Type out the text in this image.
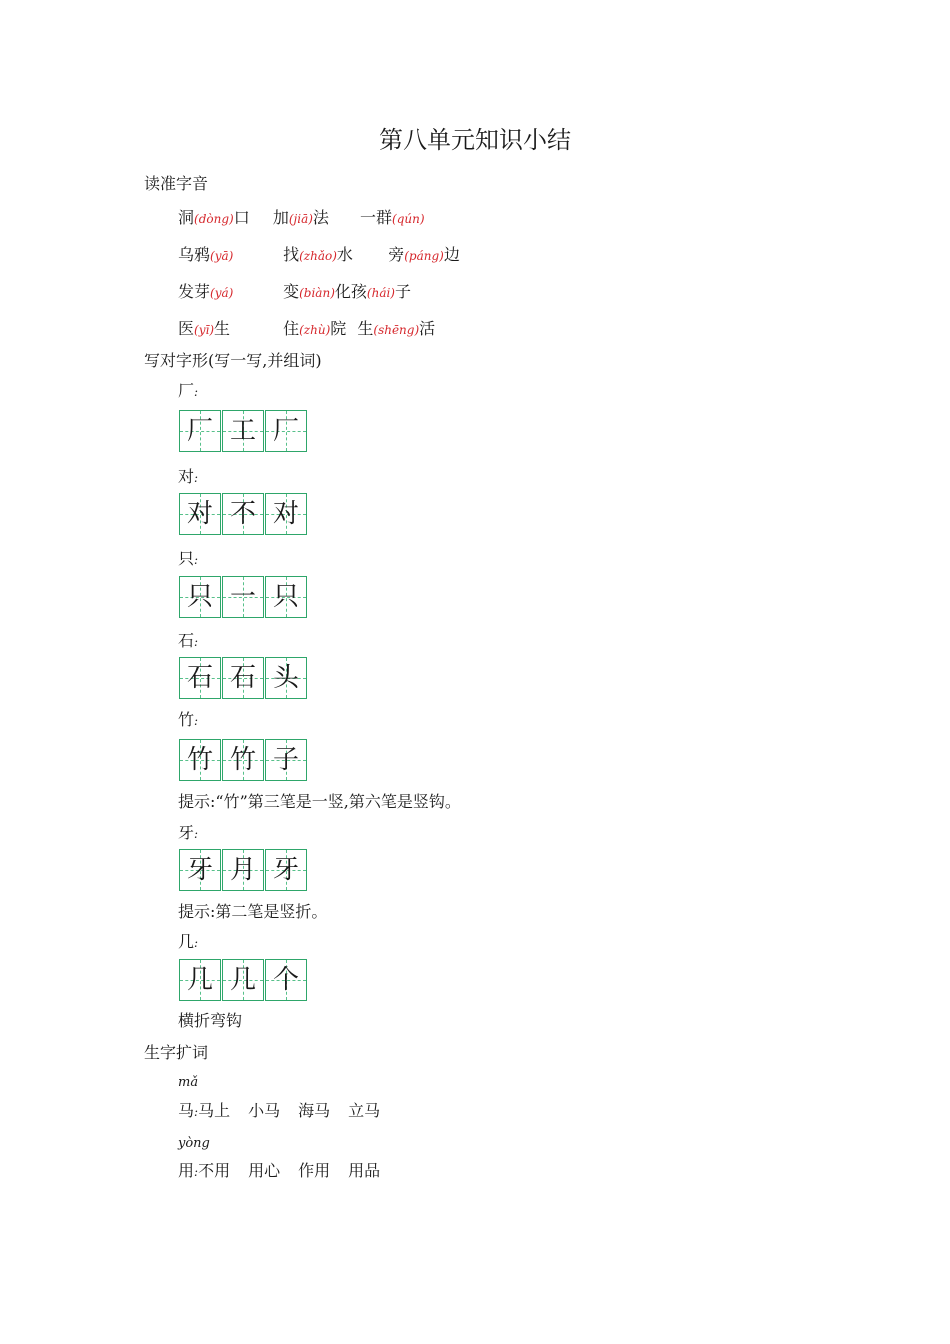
第八单元知识小结
读准字音
洞(dòng)口 加(jiā)法 一群(qún)
乌鸦(yā)	找(zhǎo)水 旁(páng)边
发芽(yá)	变(biàn)化孩(hái)子
医(yī)生	住(zhù)院 生(shēng)活
写对字形(写一写,并组词)
厂:
厂 工 厂
对:
对 不 对
只:
只 一 只
石:
石 石 头
竹:
竹 竹 子
提示:“竹”第三笔是一竖,第六笔是竖钩。
牙:
牙 月 牙
提示:第二笔是竖折。
几:
几 几 个
横折弯钩
生字扩词
mǎ
马:马上 小马 海马 立马
yòng
用:不用 用心 作用 用品
